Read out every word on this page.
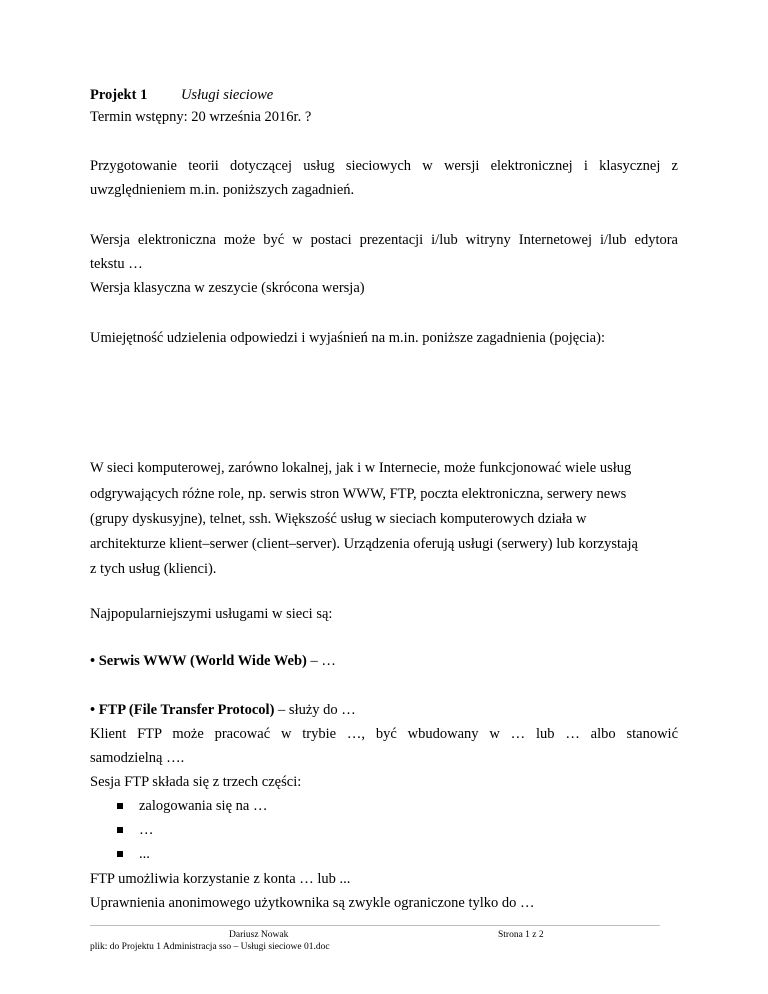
Projekt 1 Usługi sieciowe
Termin wstępny: 20 września 2016r. ?
Przygotowanie teorii dotyczącej usług sieciowych w wersji elektronicznej i klasycznej z
uwzględnieniem m.in. poniższych zagadnień.
Wersja elektroniczna może być w postaci prezentacji i/lub witryny Internetowej i/lub edytora
tekstu …
Wersja klasyczna w zeszycie (skrócona wersja)
Umiejętność udzielenia odpowiedzi i wyjaśnień na m.in. poniższe zagadnienia (pojęcia):
W sieci komputerowej, zarówno lokalnej, jak i w Internecie, może funkcjonować wiele usług
odgrywających różne role, np. serwis stron WWW, FTP, poczta elektroniczna, serwery news
(grupy dyskusyjne), telnet, ssh. Większość usług w sieciach komputerowych działa w
architekturze klient–serwer (client–server). Urządzenia oferują usługi (serwery) lub korzystają
z tych usług (klienci).
Najpopularniejszymi usługami w sieci są:
• Serwis WWW (World Wide Web) – …
• FTP (File Transfer Protocol) – służy do …
Klient FTP może pracować w trybie …, być wbudowany w … lub … albo stanowić
samodzielną ….
Sesja FTP składa się z trzech części:
zalogowania się na …
…
...
FTP umożliwia korzystanie z konta … lub ...
Uprawnienia anonimowego użytkownika są zwykle ograniczone tylko do …
Dariusz Nowak	Strona 1 z 2
plik: do Projektu 1 Administracja sso – Usługi sieciowe 01.doc
